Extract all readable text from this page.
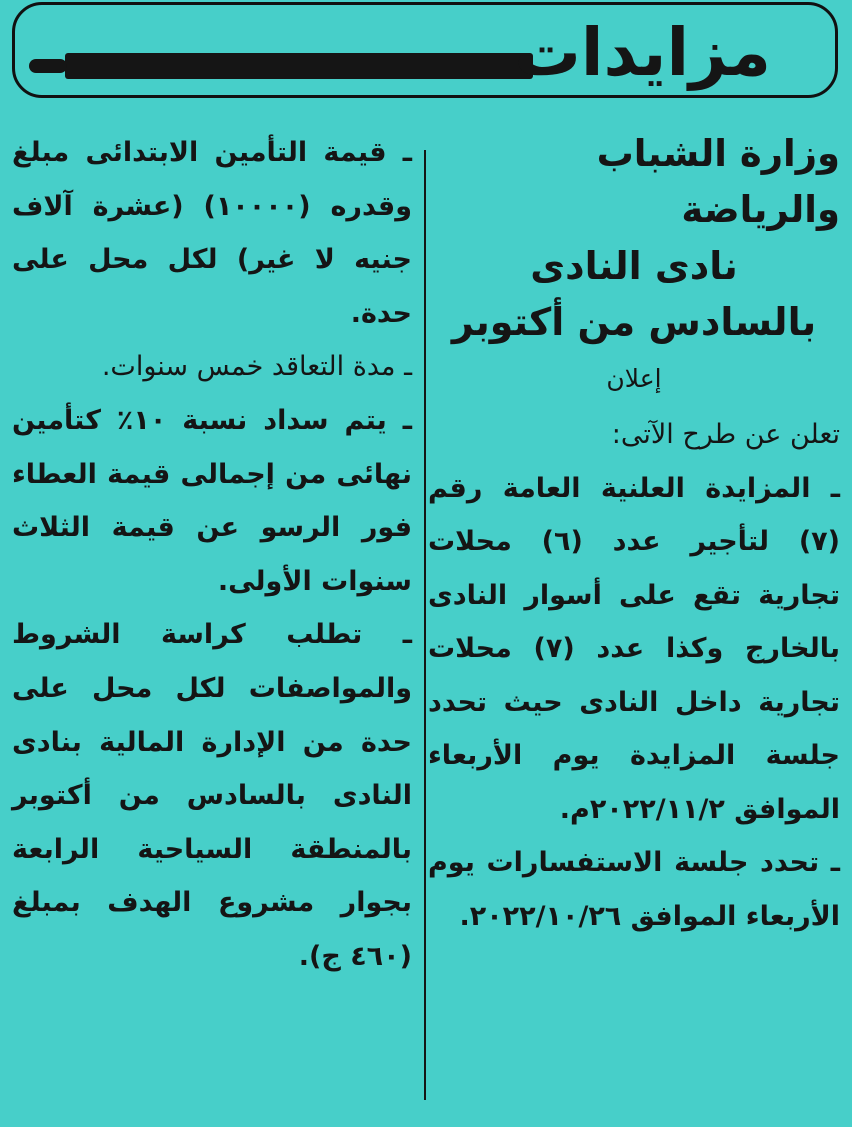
مزايدات

وزارة الشباب والرياضة

نادى النادى

بالسادس من أكتوبر

إعلان

تعلن عن طرح الآتى:

ـ المزايدة العلنية العامة رقم (٧) لتأجير عدد (٦) محلات تجارية تقع على أسوار النادى بالخارج وكذا عدد (٧) محلات تجارية داخل النادى حيث تحدد جلسة المزايدة يوم الأربعاء الموافق ٢٠٢٢/١١/٢م.

ـ تحدد جلسة الاستفسارات يوم الأربعاء الموافق ٢٠٢٢/١٠/٢٦.

ـ قيمة التأمين الابتدائى مبلغ وقدره (١٠٠٠٠) (عشرة آلاف جنيه لا غير) لكل محل على حدة.

ـ مدة التعاقد خمس سنوات.

ـ يتم سداد نسبة ١٠٪ كتأمين نهائى من إجمالى قيمة العطاء فور الرسو عن قيمة الثلاث سنوات الأولى.

ـ تطلب كراسة الشروط والمواصفات لكل محل على حدة من الإدارة المالية بنادى النادى بالسادس من أكتوبر بالمنطقة السياحية الرابعة بجوار مشروع الهدف بمبلغ (٤٦٠ ج).
